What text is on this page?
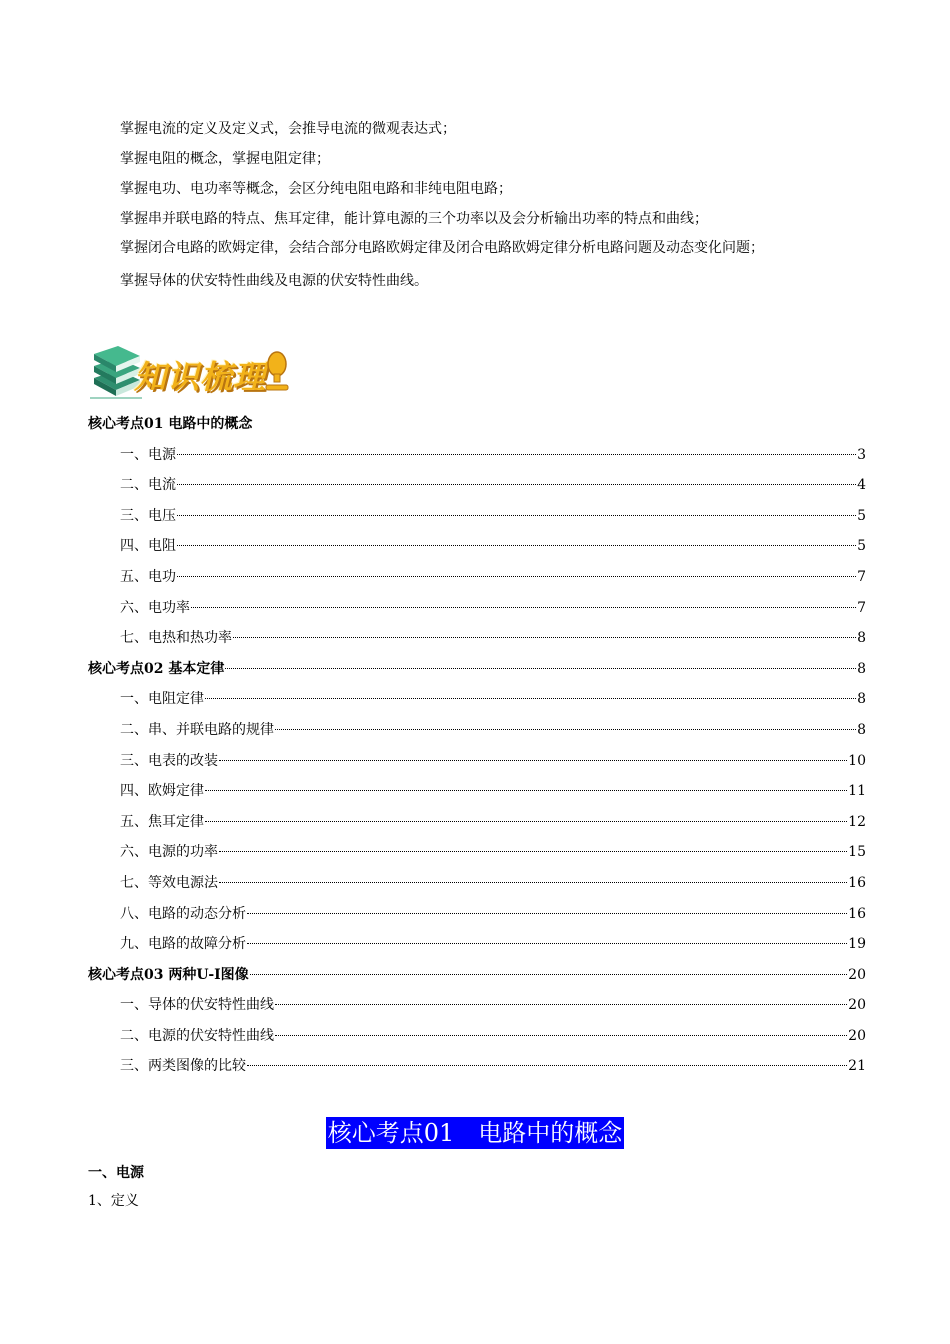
掌握电流的定义及定义式，会推导电流的微观表达式；

掌握电阻的概念，掌握电阻定律；

掌握电功、电功率等概念，会区分纯电阻电路和非纯电阻电路；

掌握串并联电路的特点、焦耳定律，能计算电源的三个功率以及会分析输出功率的特点和曲线；

掌握闭合电路的欧姆定律，会结合部分电路欧姆定律及闭合电路欧姆定律分析电路问题及动态变化问题；

掌握导体的伏安特性曲线及电源的伏安特性曲线。

知识梳理
核心考点01 电路中的概念
一、电源	3
二、电流	4
三、电压	5
四、电阻	5
五、电功	7
六、电功率	7
七、电热和热功率	8
核心考点02 基本定律	8
一、电阻定律	8
二、串、并联电路的规律	8
三、电表的改装	10
四、欧姆定律	11
五、焦耳定律	12
六、电源的功率	15
七、等效电源法	16
八、电路的动态分析	16
九、电路的故障分析	19
核心考点03 两种U-I图像	20
一、导体的伏安特性曲线	20
二、电源的伏安特性曲线	20
三、两类图像的比较	21
核心考点01　电路中的概念
一、电源
1、定义
